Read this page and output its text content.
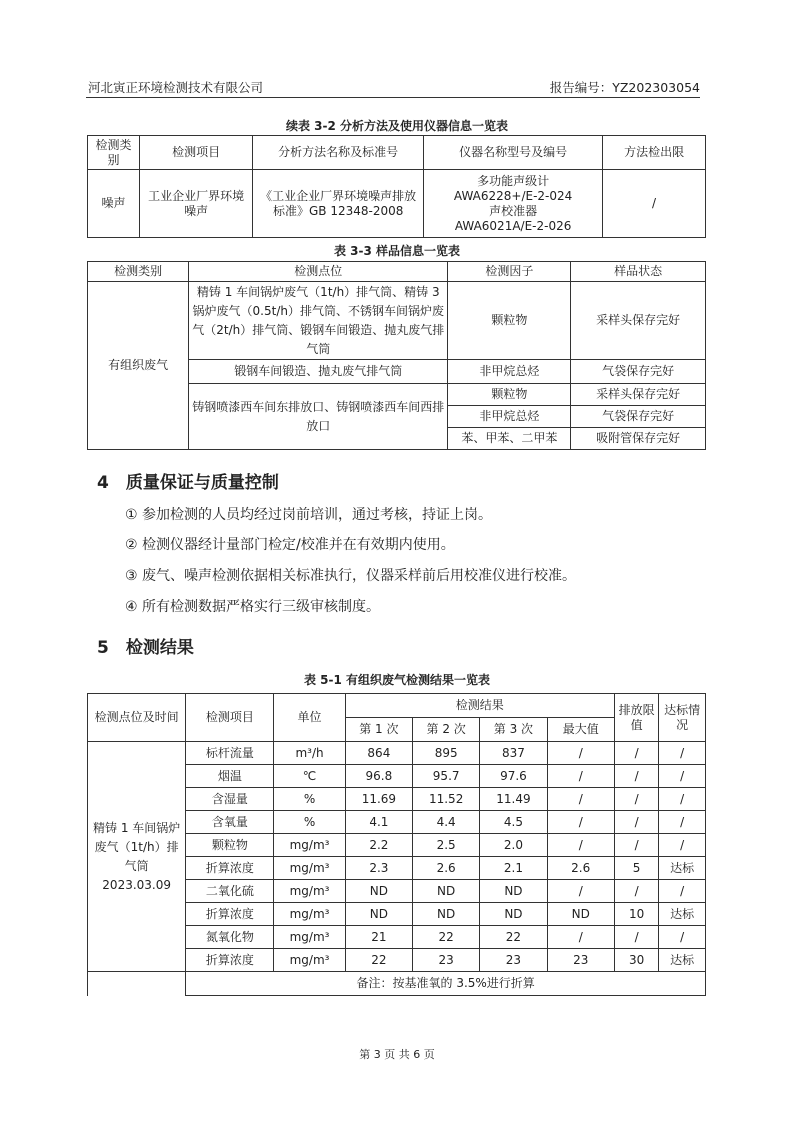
河北寅正环境检测技术有限公司	报告编号：YZ202303054
续表 3-2 分析方法及使用仪器信息一览表
检测类别	检测项目	分析方法名称及标准号	仪器名称型号及编号	方法检出限
噪声	工业企业厂界环境噪声	《工业企业厂界环境噪声排放标准》GB 12348-2008	多功能声级计
AWA6228+/E-2-024
声校准器
AWA6021A/E-2-026	/
表 3-3 样品信息一览表
检测类别	检测点位	检测因子	样品状态
有组织废气	精铸 1 车间锅炉废气（1t/h）排气筒、精铸 3 锅炉废气（0.5t/h）排气筒、不锈钢车间锅炉废气（2t/h）排气筒、锻钢车间锻造、抛丸废气排气筒	颗粒物	采样头保存完好
	锻钢车间锻造、抛丸废气排气筒	非甲烷总烃	气袋保存完好
	铸钢喷漆西车间东排放口、铸钢喷漆西车间西排放口	颗粒物	采样头保存完好
		非甲烷总烃	气袋保存完好
		苯、甲苯、二甲苯	吸附管保存完好
4　质量保证与质量控制
① 参加检测的人员均经过岗前培训，通过考核，持证上岗。
② 检测仪器经计量部门检定/校准并在有效期内使用。
③ 废气、噪声检测依据相关标准执行，仪器采样前后用校准仪进行校准。
④ 所有检测数据严格实行三级审核制度。
5　检测结果
表 5-1 有组织废气检测结果一览表
检测点位及时间	检测项目	单位	检测结果				排放限值	达标情况
			第 1 次	第 2 次	第 3 次	最大值		

精铸 1 车间锅炉废气（1t/h）排气筒
2023.03.09	标杆流量	m³/h	864	895	837	/	/	/
	烟温	℃	96.8	95.7	97.6	/	/	/
	含湿量	%	11.69	11.52	11.49	/	/	/
	含氧量	%	4.1	4.4	4.5	/	/	/
	颗粒物	mg/m³	2.2	2.5	2.0	/	/	/
	折算浓度	mg/m³	2.3	2.6	2.1	2.6	5	达标
	二氧化硫	mg/m³	ND	ND	ND	/	/	/
	折算浓度	mg/m³	ND	ND	ND	ND	10	达标
	氮氧化物	mg/m³	21	22	22	/	/	/
	折算浓度	mg/m³	22	23	23	23	30	达标
	备注：按基准氧的 3.5%进行折算							
第 3 页 共 6 页
